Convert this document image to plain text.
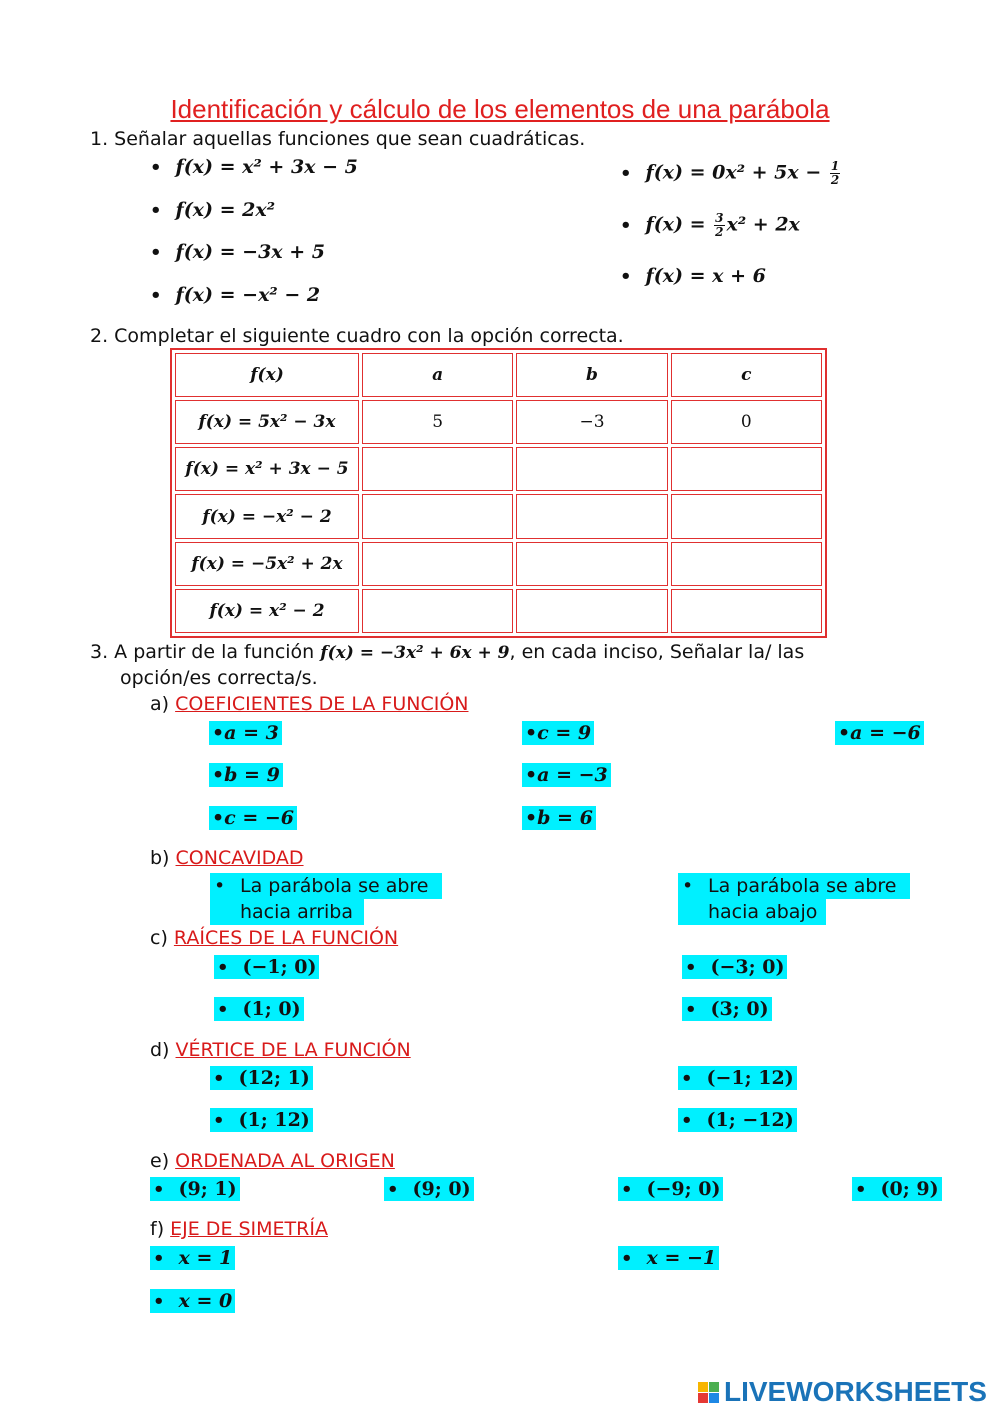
Identificación y cálculo de los elementos de una parábola
1. Señalar aquellas funciones que sean cuadráticas.
• f(x) = x² + 3x − 5
• f(x) = 2x²
• f(x) = −3x + 5
• f(x) = −x² − 2
• $f(x) = 0x^2 + 5x - \frac{1}{2}$
• $f(x) = \frac{3}{2} x^2 + 2x$
• f(x) = x + 6
2. Completar el siguiente cuadro con la opción correcta.
f(x)	a	b	c
f(x) = 5x² − 3x	5	−3	0
f(x) = x² + 3x − 5			
f(x) = −x² − 2			
f(x) = −5x² + 2x			
f(x) = x² − 2			
3. A partir de la función f(x) = −3x² + 6x + 9, en cada inciso, Señalar la/ las
opción/es correcta/s.
a) COEFICIENTES DE LA FUNCIÓN
•a = 3
•b = 9
•c = −6
•c = 9
•a = −3
•b = 6
•a = −6
b) CONCAVIDAD
• La parábola se abre
hacia arriba
• La parábola se abre
hacia abajo
c) RAÍCES DE LA FUNCIÓN
• (−1; 0)
• (1; 0)
• (−3; 0)
• (3; 0)
d) VÉRTICE DE LA FUNCIÓN
• (12; 1)
• (1; 12)
• (−1; 12)
• (1; −12)
e) ORDENADA AL ORIGEN
• (9; 1)	• (9; 0)	• (−9; 0)	• (0; 9)
f) EJE DE SIMETRÍA
• x = 1
• x = 0
• x = −1
LIVEWORKSHEETS
